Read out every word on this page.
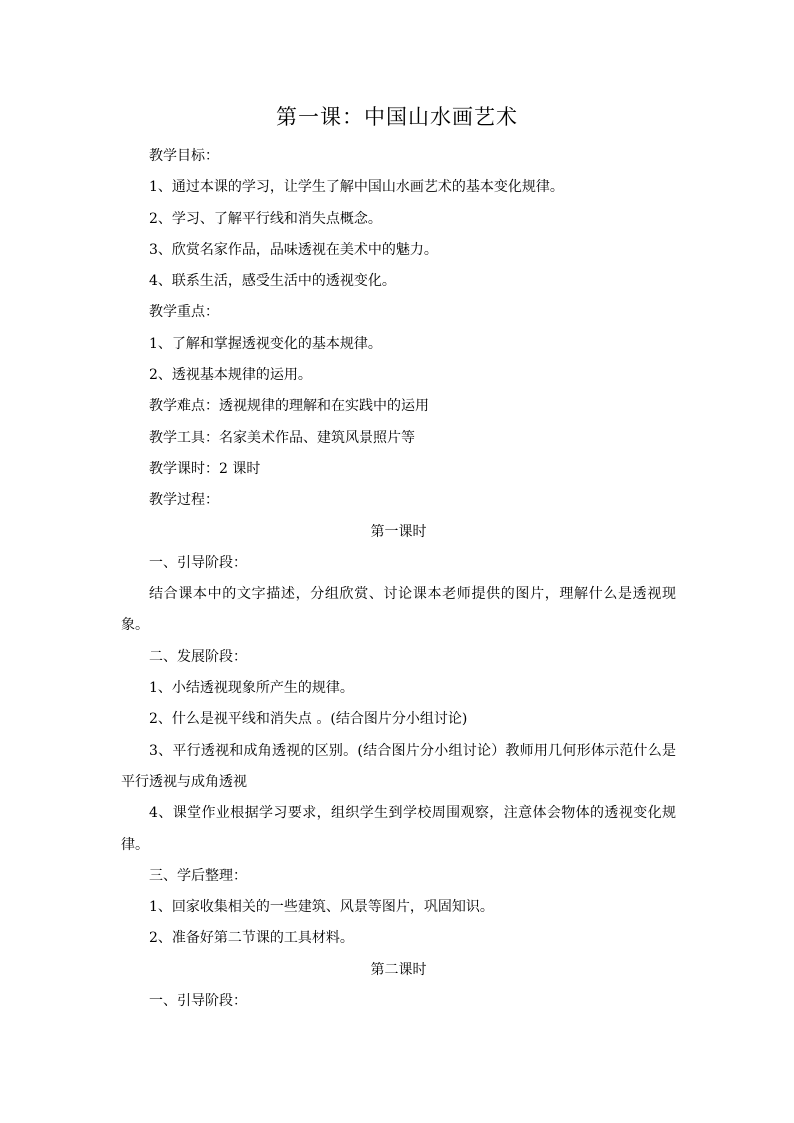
第一课：中国山水画艺术

教学目标：

1、通过本课的学习，让学生了解中国山水画艺术的基本变化规律。

2、学习、了解平行线和消失点概念。

3、欣赏名家作品，品味透视在美术中的魅力。

4、联系生活，感受生活中的透视变化。

教学重点：

1、了解和掌握透视变化的基本规律。

2、透视基本规律的运用。

教学难点：透视规律的理解和在实践中的运用

教学工具：名家美术作品、建筑风景照片等

教学课时：2 课时

教学过程：

第一课时

一、引导阶段：

结合课本中的文字描述，分组欣赏、讨论课本老师提供的图片，理解什么是透视现象。

二、发展阶段：

1、小结透视现象所产生的规律。

2、什么是视平线和消失点 。(结合图片分小组讨论)

3、平行透视和成角透视的区别。(结合图片分小组讨论）教师用几何形体示范什么是平行透视与成角透视

4、课堂作业根据学习要求，组织学生到学校周围观察，注意体会物体的透视变化规律。

三、学后整理：

1、回家收集相关的一些建筑、风景等图片，巩固知识。

2、准备好第二节课的工具材料。

第二课时

一、引导阶段：
